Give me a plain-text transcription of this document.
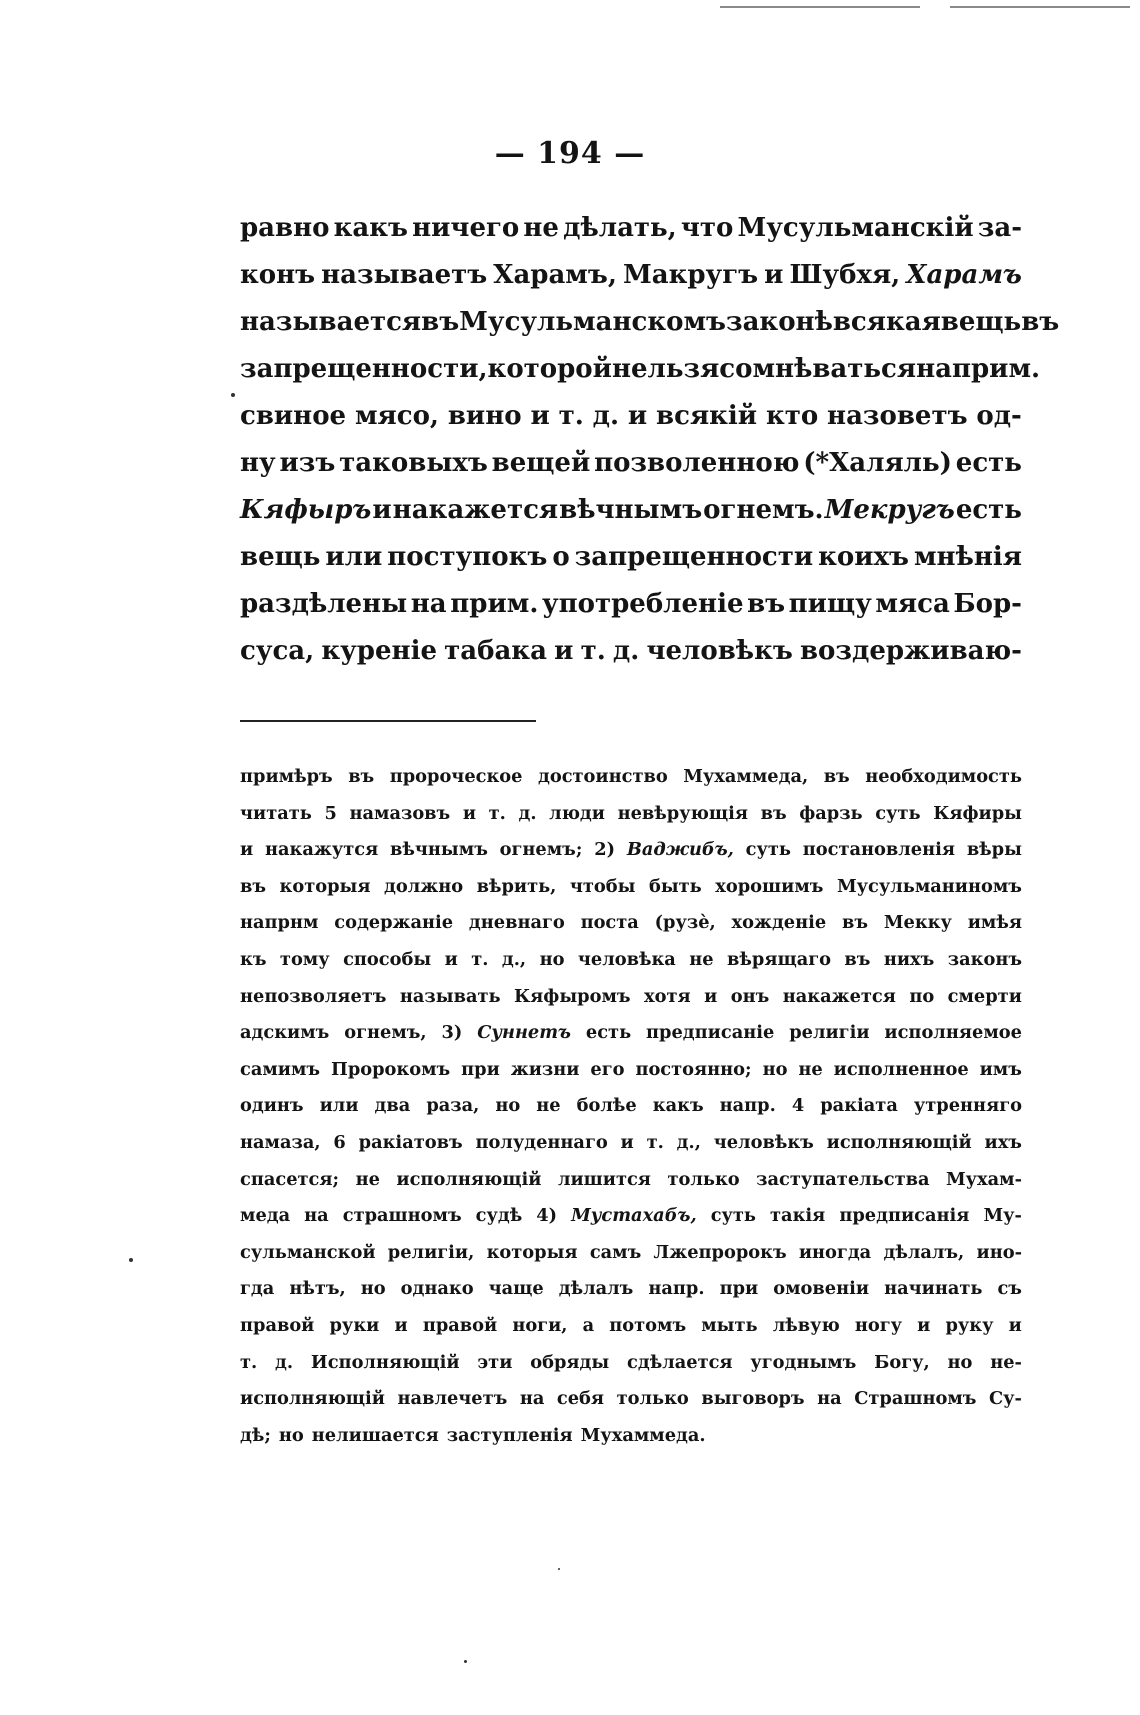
— 194 —
равно какъ ничего не дѣлать, что Мусульманскій за-
конъ называетъ Харамъ, Макругъ и Шубхя, Харамъ
называется въ Мусульманскомъ законѣ всякая вещь въ
запрещенности, которой нельзя сомнѣваться на прим.
свиное мясо, вино и т. д. и всякій кто назоветъ од-
ну изъ таковыхъ вещей позволенною (*Халяль) есть
Кяфыръ и накажется вѣчнымъ огнемъ. Мекругъ есть
вещь или поступокъ о запрещенности коихъ мнѣнія
раздѣлены на прим. употребленіе въ пищу мяса Бор-
суса, куреніе табака и т. д. человѣкъ воздерживаю-
примѣръ въ пророческое достоинство Мухаммеда, въ необходимость
читать 5 намазовъ и т. д. люди невѣрующія въ фарзь суть Кяфиры
и накажутся вѣчнымъ огнемъ; 2) Ваджибъ, суть постановленія вѣры
въ которыя должно вѣрить, чтобы быть хорошимъ Мусульманиномъ
напрнм содержаніе дневнаго поста (рузѐ, хожденіе въ Мекку имѣя
къ тому способы и т. д., но человѣка не вѣрящаго въ нихъ законъ
непозволяетъ называть Кяфыромъ хотя и онъ накажется по смерти
адскимъ огнемъ, 3) Суннетъ есть предписаніе религіи исполняемое
самимъ Пророкомъ при жизни его постоянно; но не исполненное имъ
одинъ или два раза, но не болѣе какъ напр. 4 ракіата утренняго
намаза, 6 ракіатовъ полуденнаго и т. д., человѣкъ исполняющій ихъ
спасется; не исполняющій лишится только заступательства Мухам-
меда на страшномъ судѣ 4) Мустахабъ, суть такія предписанія Му-
сульманской религіи, которыя самъ Лжепророкъ иногда дѣлалъ, ино-
гда нѣтъ, но однако чаще дѣлалъ напр. при омовеніи начинать съ
правой руки и правой ноги, а потомъ мыть лѣвую ногу и руку и
т. д. Исполняющій эти обряды сдѣлается угоднымъ Богу, но не-
исполняющій навлечетъ на себя только выговоръ на Страшномъ Су-
дѣ; но нелишается заступленія Мухаммеда.
